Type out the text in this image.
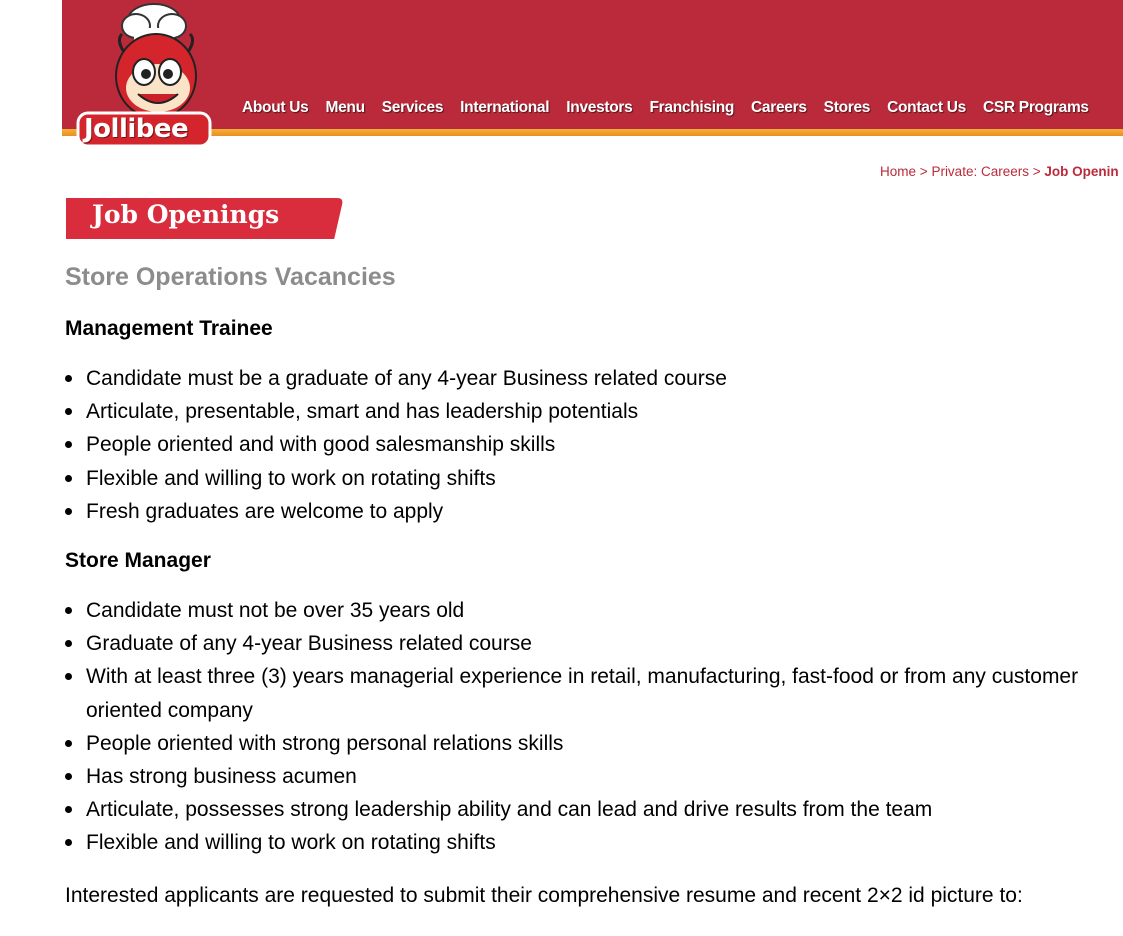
Jollibee
About Us Menu Services International Investors Franchising Careers Stores Contact Us CSR Programs
Home > Private: Careers > Job Openin
Job Openings
Store Operations Vacancies
Management Trainee
Candidate must be a graduate of any 4-year Business related course
Articulate, presentable, smart and has leadership potentials
People oriented and with good salesmanship skills
Flexible and willing to work on rotating shifts
Fresh graduates are welcome to apply
Store Manager
Candidate must not be over 35 years old
Graduate of any 4-year Business related course
With at least three (3) years managerial experience in retail, manufacturing, fast-food or from any customer oriented company
People oriented with strong personal relations skills
Has strong business acumen
Articulate, possesses strong leadership ability and can lead and drive results from the team
Flexible and willing to work on rotating shifts

Interested applicants are requested to submit their comprehensive resume and recent 2×2 id picture to:
